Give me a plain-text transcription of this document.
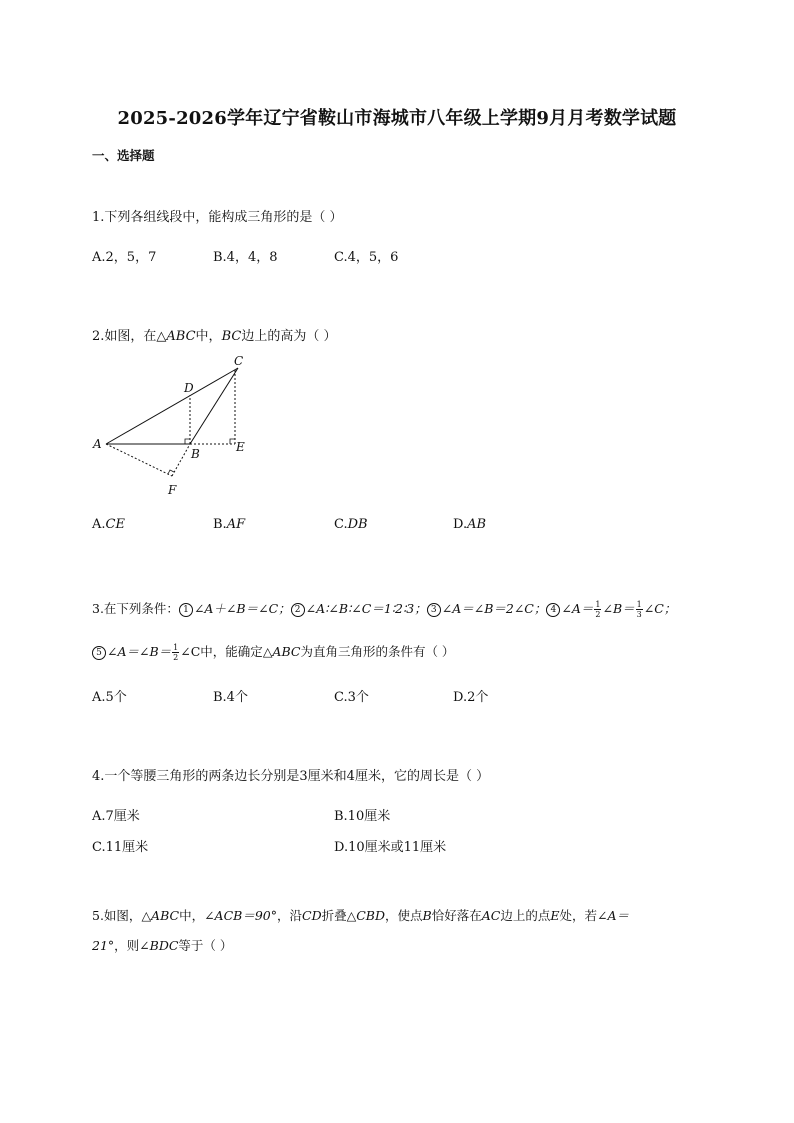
2025-2026学年辽宁省鞍山市海城市八年级上学期9月月考数学试题
一、选择题
1.下列各组线段中，能构成三角形的是（ ）
A.2，5，7	B.4，4，8	C.4，5，6
2.如图，在△ABC中，BC边上的高为（ ）
A
B
C
D
E
F
A.CE	B.AF	C.DB	D.AB
3.在下列条件： 1 ∠A＋∠B＝∠C； 2 ∠A∶∠B∶∠C＝1∶2∶3； 3 ∠A＝∠B＝2∠C； 4 ∠A＝ $\frac{1}{2}$ ∠B＝ $\frac{1}{3}$ ∠C；
5 ∠A＝∠B＝ $\frac{1}{2}$ ∠C中，能确定△ABC为直角三角形的条件有（ ）
A.5个	B.4个	C.3个	D.2个
4.一个等腰三角形的两条边长分别是3厘米和4厘米，它的周长是（ ）
A.7厘米	B.10厘米
C.11厘米	D.10厘米或11厘米
5.如图，△ABC中，∠ACB＝90°，沿CD折叠△CBD，使点B恰好落在AC边上的点E处，若∠A＝
21°，则∠BDC等于（ ）
